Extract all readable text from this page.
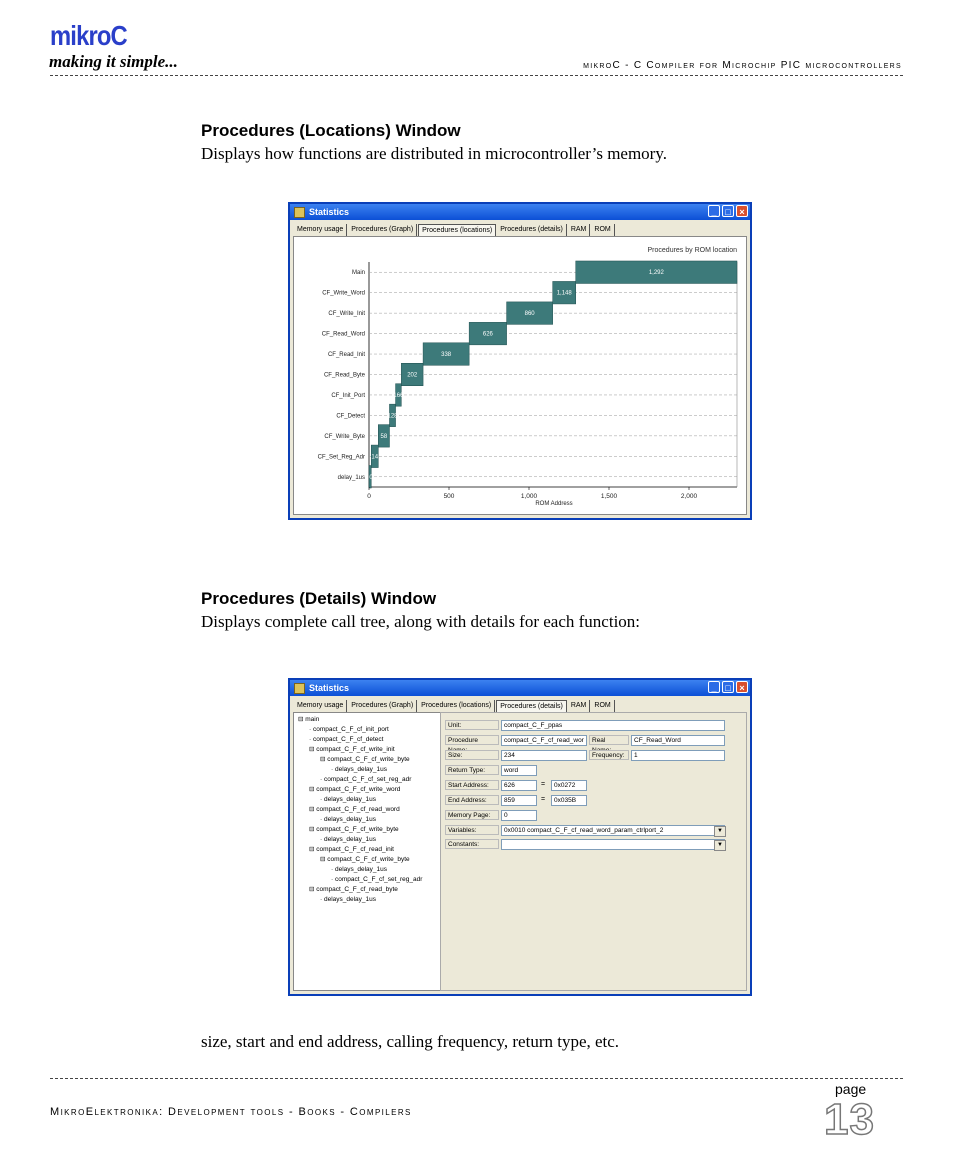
mikroC
making it simple...	mikroC - C Compiler for Microchip PIC microcontrollers
Procedures (Locations) Window
Displays how functions are distributed in microcontroller’s memory.
Statistics	_ □ ×
Memory usage	Procedures (Graph)	Procedures (locations)	Procedures (details)	RAM	ROM
Procedures by ROM location
Main	1,292
CF_Write_Word	1,148
CF_Write_Init	860
CF_Read_Word	626
CF_Read_Init	338
CF_Read_Byte	202
CF_Init_Port	166
CF_Detect	128
CF_Write_Byte	58
CF_Set_Reg_Adr 14
delay_1us 0
0	500	1,000	1,500	2,000
ROM Address
Procedures (Details) Window
Displays complete call tree, along with details for each function:
Statistics	_ □ ×
Memory usage	Procedures (Graph)	Procedures (locations)	Procedures (details)	RAM	ROM
⊟ main
· compact_C_F_cf_init_port
· compact_C_F_cf_detect
⊟ compact_C_F_cf_write_init
⊟ compact_C_F_cf_write_byte
· delays_delay_1us
· compact_C_F_cf_set_reg_adr
⊟ compact_C_F_cf_write_word
· delays_delay_1us
⊟ compact_C_F_cf_read_word
· delays_delay_1us
⊟ compact_C_F_cf_write_byte
· delays_delay_1us
⊟ compact_C_F_cf_read_init
⊟ compact_C_F_cf_write_byte
· delays_delay_1us
· compact_C_F_cf_set_reg_adr
⊟ compact_C_F_cf_read_byte
· delays_delay_1us
Unit:	compact_C_F_ppas
Procedure	compact_C_F_cf_read_wor	Real	CF_Read_Word
Size:	234	Frequency:	1
Return Type:	word
Start Address:	626	=	0x0272
End Address:	859	=	0x035B
Memory Page:	0
Variables:	0x0010 compact_C_F_cf_read_word_param_ctrlport_2	▼
Constants:	▼
size, start and end address, calling frequency, return type, etc.
page
MikroElektronika: Development tools - Books - Compilers	13
